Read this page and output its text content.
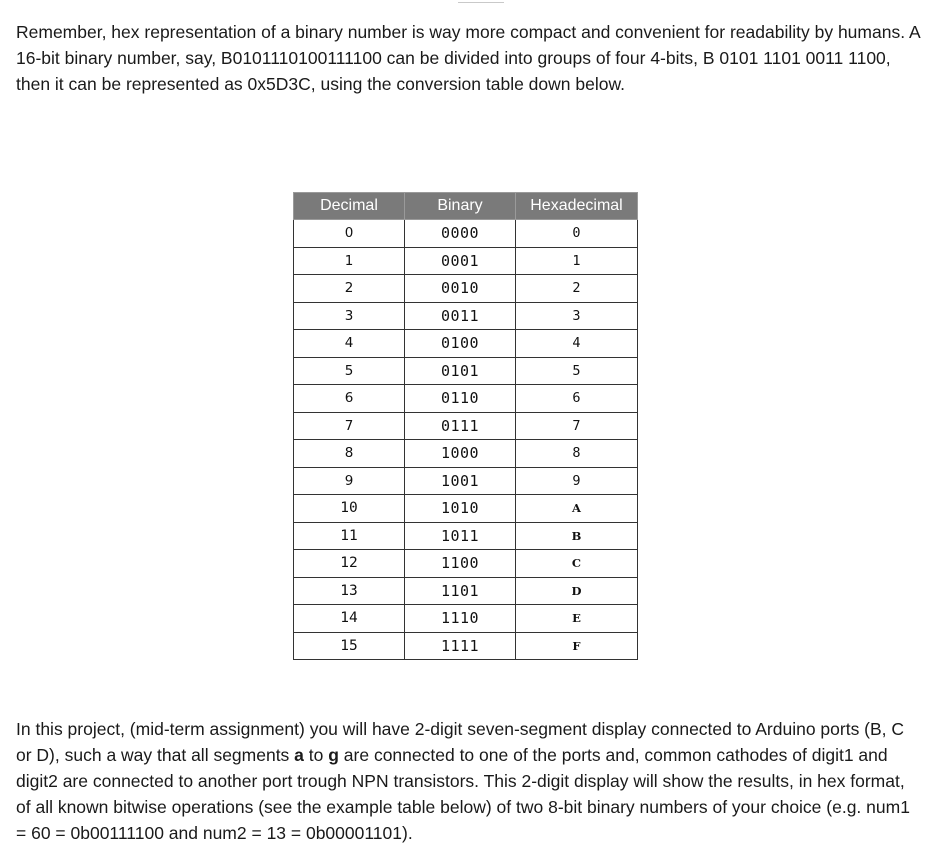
Remember, hex representation of a binary number is way more compact and convenient for readability by humans. A 16-bit binary number, say, B0101110100111100 can be divided into groups of four 4-bits, B 0101 1101 0011 1100, then it can be represented as 0x5D3C, using the conversion table down below.

Decimal	Binary	Hexadecimal
0	0000	0
1	0001	1
2	0010	2
3	0011	3
4	0100	4
5	0101	5
6	0110	6
7	0111	7
8	1000	8
9	1001	9
10	1010	A
11	1011	B
12	1100	C
13	1101	D
14	1110	E
15	1111	F

In this project, (mid-term assignment) you will have 2-digit seven-segment display connected to Arduino ports (B, C or D), such a way that all segments a to g are connected to one of the ports and, common cathodes of digit1 and digit2 are connected to another port trough NPN transistors. This 2-digit display will show the results, in hex format, of all known bitwise operations (see the example table below) of two 8-bit binary numbers of your choice (e.g. num1 = 60 = 0b00111100 and num2 = 13 = 0b00001101).
